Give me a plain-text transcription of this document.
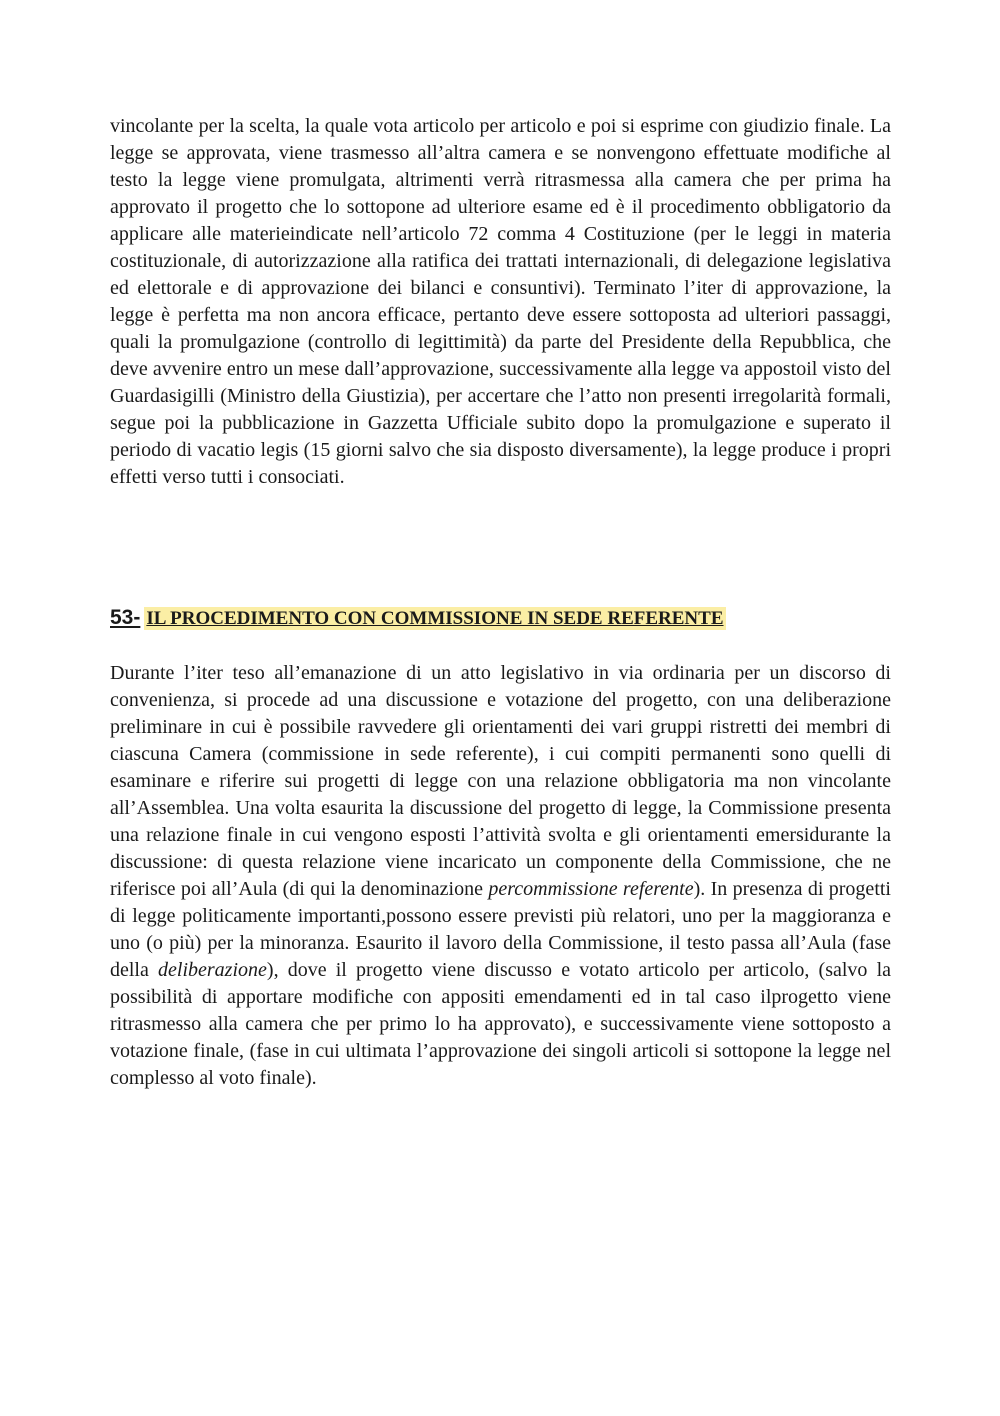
vincolante per la scelta, la quale vota articolo per articolo e poi si esprime con giudizio finale. La legge se approvata, viene trasmesso all’altra camera e se nonvengono effettuate modifiche al testo la legge viene promulgata, altrimenti verrà ritrasmessa alla camera che per prima ha approvato il progetto che lo sottopone ad ulteriore esame ed è il procedimento obbligatorio da applicare alle materieindicate nell’articolo 72 comma 4 Costituzione (per le leggi in materia costituzionale, di autorizzazione alla ratifica dei trattati internazionali, di delegazione legislativa ed elettorale e di approvazione dei bilanci e consuntivi). Terminato l’iter di approvazione, la legge è perfetta ma non ancora efficace, pertanto deve essere sottoposta ad ulteriori passaggi, quali la promulgazione (controllo di legittimità) da parte del Presidente della Repubblica, che deve avvenire entro un mese dall’approvazione, successivamente alla legge va appostoil visto del Guardasigilli (Ministro della Giustizia), per accertare che l’atto non presenti irregolarità formali, segue poi la pubblicazione in Gazzetta Ufficiale subito dopo la promulgazione e superato il periodo di vacatio legis (15 giorni salvo che sia disposto diversamente), la legge produce i propri effetti verso tutti i consociati.

53- IL PROCEDIMENTO CON COMMISSIONE IN SEDE REFERENTE

Durante l’iter teso all’emanazione di un atto legislativo in via ordinaria per un discorso di convenienza, si procede ad una discussione e votazione del progetto, con una deliberazione preliminare in cui è possibile ravvedere gli orientamenti dei vari gruppi ristretti dei membri di ciascuna Camera (commissione in sede referente), i cui compiti permanenti sono quelli di esaminare e riferire sui progetti di legge con una relazione obbligatoria ma non vincolante all’Assemblea. Una volta esaurita la discussione del progetto di legge, la Commissione presenta una relazione finale in cui vengono esposti l’attività svolta e gli orientamenti emersidurante la discussione: di questa relazione viene incaricato un componente della Commissione, che ne riferisce poi all’Aula (di qui la denominazione percommissione referente). In presenza di progetti di legge politicamente importanti,possono essere previsti più relatori, uno per la maggioranza e uno (o più) per la minoranza. Esaurito il lavoro della Commissione, il testo passa all’Aula (fase della deliberazione), dove il progetto viene discusso e votato articolo per articolo, (salvo la possibilità di apportare modifiche con appositi emendamenti ed in tal caso ilprogetto viene ritrasmesso alla camera che per primo lo ha approvato), e successivamente viene sottoposto a votazione finale, (fase in cui ultimata l’approvazione dei singoli articoli si sottopone la legge nel complesso al voto finale).
